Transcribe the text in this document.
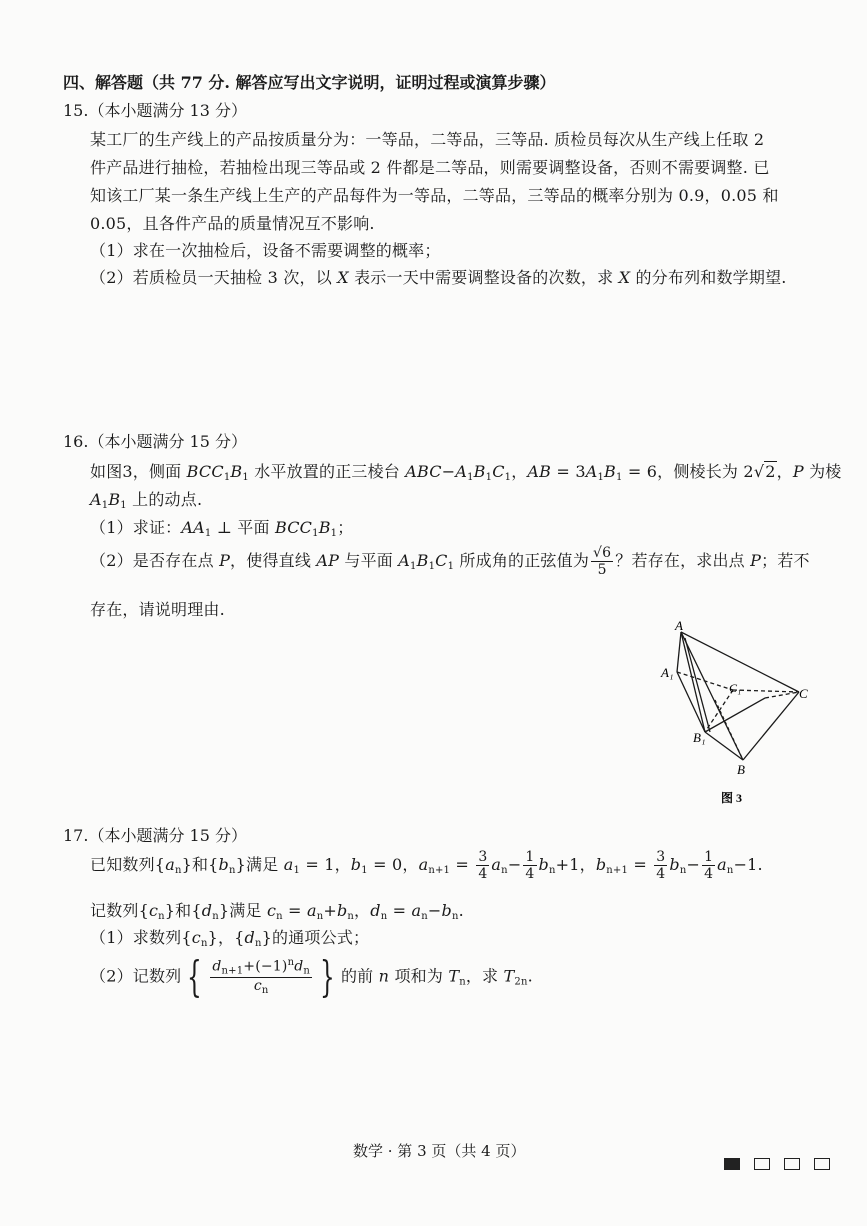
四、解答题（共 77 分. 解答应写出文字说明，证明过程或演算步骤）
15.（本小题满分 13 分）
某工厂的生产线上的产品按质量分为：一等品，二等品，三等品. 质检员每次从生产线上任取 2
件产品进行抽检，若抽检出现三等品或 2 件都是二等品，则需要调整设备，否则不需要调整. 已
知该工厂某一条生产线上生产的产品每件为一等品，二等品，三等品的概率分别为 0.9，0.05 和
0.05，且各件产品的质量情况互不影响.
（1）求在一次抽检后，设备不需要调整的概率；
（2）若质检员一天抽检 3 次，以 X 表示一天中需要调整设备的次数，求 X 的分布列和数学期望.
16.（本小题满分 15 分）
如图3，侧面 $BCC_1B_1$ 水平放置的正三棱台 $ABC-A_1B_1C_1$，AB = $3A_1B_1 = 6$，侧棱长为 2√2，P 为棱
$A_1B_1$ 上的动点.
（1）求证：$AA_1$ ⊥ 平面 $BCC_1B_1$；
（2）是否存在点 P，使得直线 AP 与平面 $A_1B_1C_1$ 所成角的正弦值为 $\frac{√6}{5}$ ？若存在，求出点 P；若不
存在，请说明理由.
A
A₁
C₁	C
B₁
B
图 3
17.（本小题满分 15 分）
已知数列$\{a_n\}$和$\{b_n\}$满足 $a_1 = 1$，$b_1 = 0$，$a_{n+1} = \frac{3}{4} a_n- \frac{1}{4} b_n+1$，$b_{n+1} = \frac{3}{4} b_n- \frac{1}{4} a_n-1$.
记数列$\{c_n\}$和$\{d_n\}$满足 $c_n = a_n+b_n$，$d_n = a_n-b_n$.
（1）求数列$\{c_n\}$，$\{d_n\}$的通项公式；
（2）记数列 { $\frac{d_{n+1}+(-1)^nd_n}{c_n}$ } 的前 n 项和为 $T_n$，求 $T_{2n}$.
数学 · 第 3 页（共 4 页）
